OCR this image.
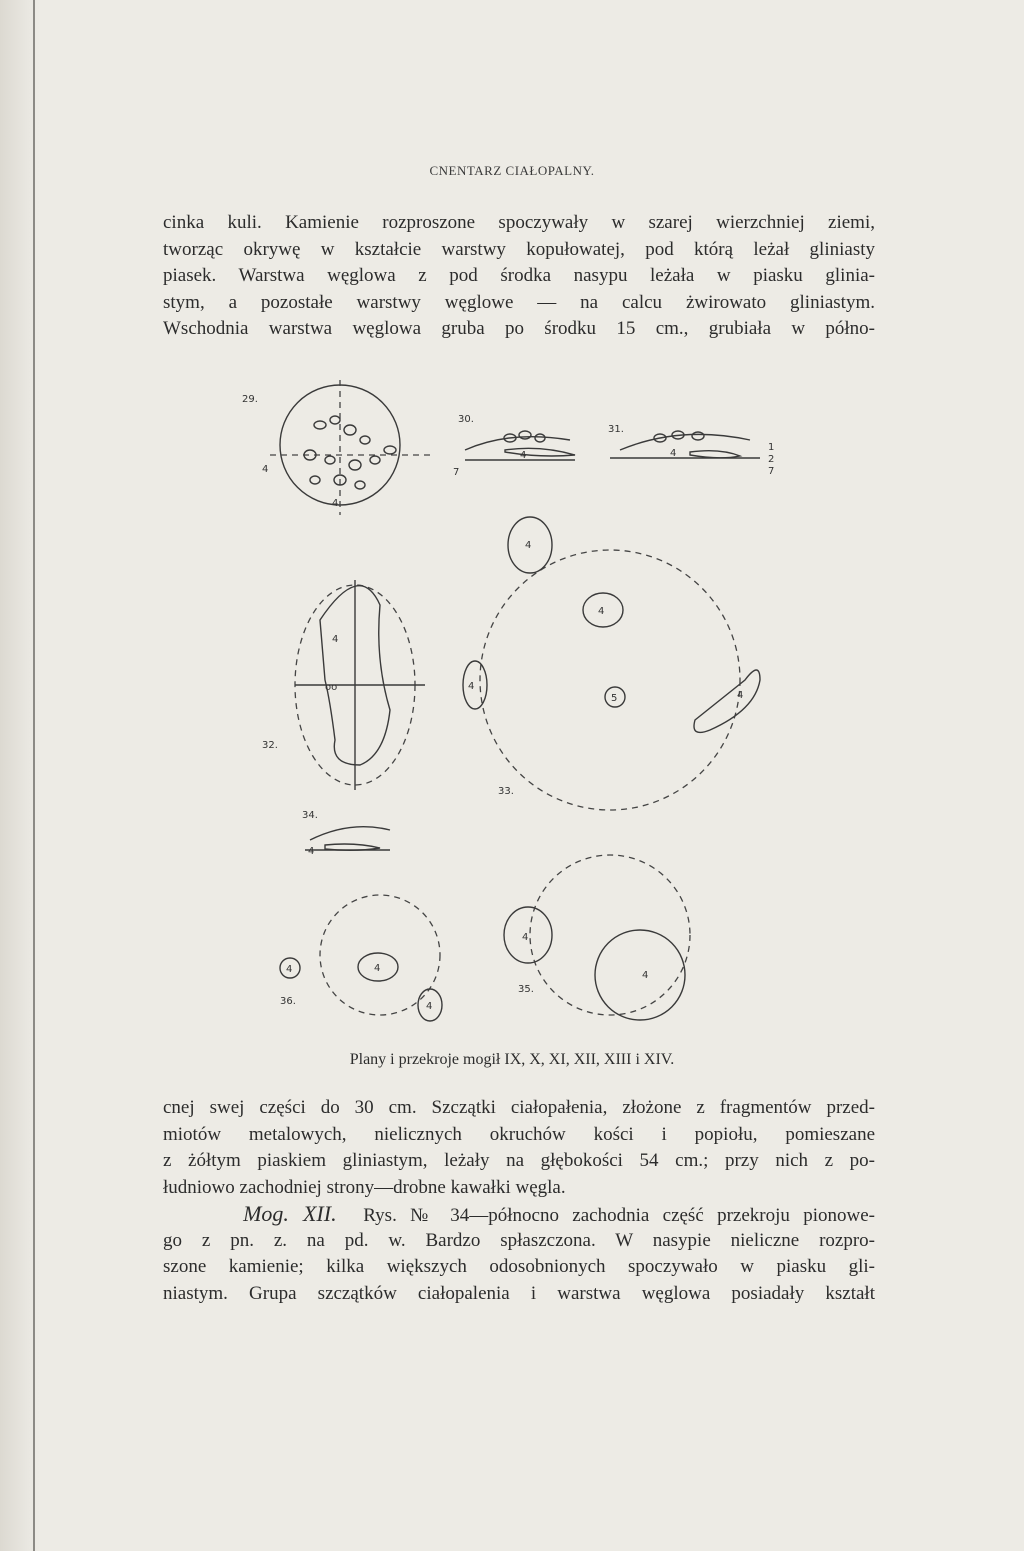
CNENTARZ CIAŁOPALNY.
cinka kuli. Kamienie rozproszone spoczywały w szarej wierzchniej ziemi,
tworząc okrywę w kształcie warstwy kopułowatej, pod którą leżał gliniasty
piasek. Warstwa węglowa z pod środka nasypu leżała w piasku glinia-
stym, a pozostałe warstwy węglowe — na calcu żwirowato gliniastym.
Wschodnia warstwa węglowa gruba po środku 15 cm., grubiała w półno-
29.
4
4
30.
4
7
31.
4
1
2
7
4
oo
32.
4
4
5
4
4
33.
34.
4
4
4
4
36.
4
4
35.
Plany i przekroje mogił IX, X, XI, XII, XIII i XIV.
cnej swej części do 30 cm. Szczątki ciałopałenia, złożone z fragmentów przed-
miotów metalowych, nielicznych okruchów kości i popiołu, pomieszane
z żółtym piaskiem gliniastym, leżały na głębokości 54 cm.; przy nich z po-
łudniowo zachodniej strony—drobne kawałki węgla.
Mog. XII. Rys. № 34—północno zachodnia część przekroju pionowe-
go z pn. z. na pd. w. Bardzo spłaszczona. W nasypie nieliczne rozpro-
szone kamienie; kilka większych odosobnionych spoczywało w piasku gli-
niastym. Grupa szczątków ciałopalenia i warstwa węglowa posiadały kształt
